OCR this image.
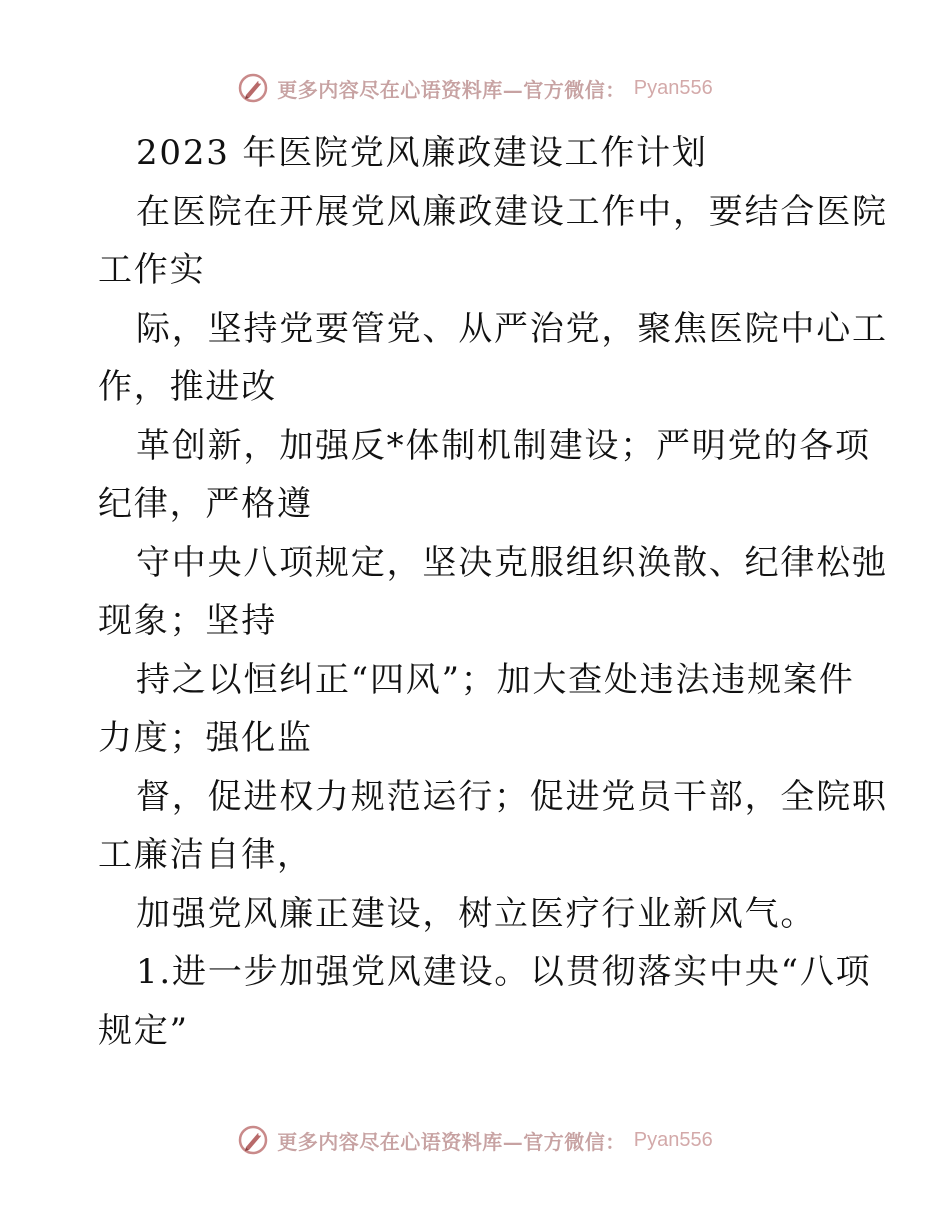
更多内容尽在心语资料库—官方微信： Pyan556
2023 年医院党风廉政建设工作计划
在医院在开展党风廉政建设工作中，要结合医院
工作实
际，坚持党要管党、从严治党，聚焦医院中心工
作，推进改
革创新，加强反*体制机制建设；严明党的各项
纪律，严格遵
守中央八项规定，坚决克服组织涣散、纪律松弛
现象；坚持
持之以恒纠正“四风”；加大查处违法违规案件
力度；强化监
督，促进权力规范运行；促进党员干部，全院职
工廉洁自律，
加强党风廉正建设，树立医疗行业新风气。
1.进一步加强党风建设。以贯彻落实中央“八项
规定”
更多内容尽在心语资料库—官方微信： Pyan556
